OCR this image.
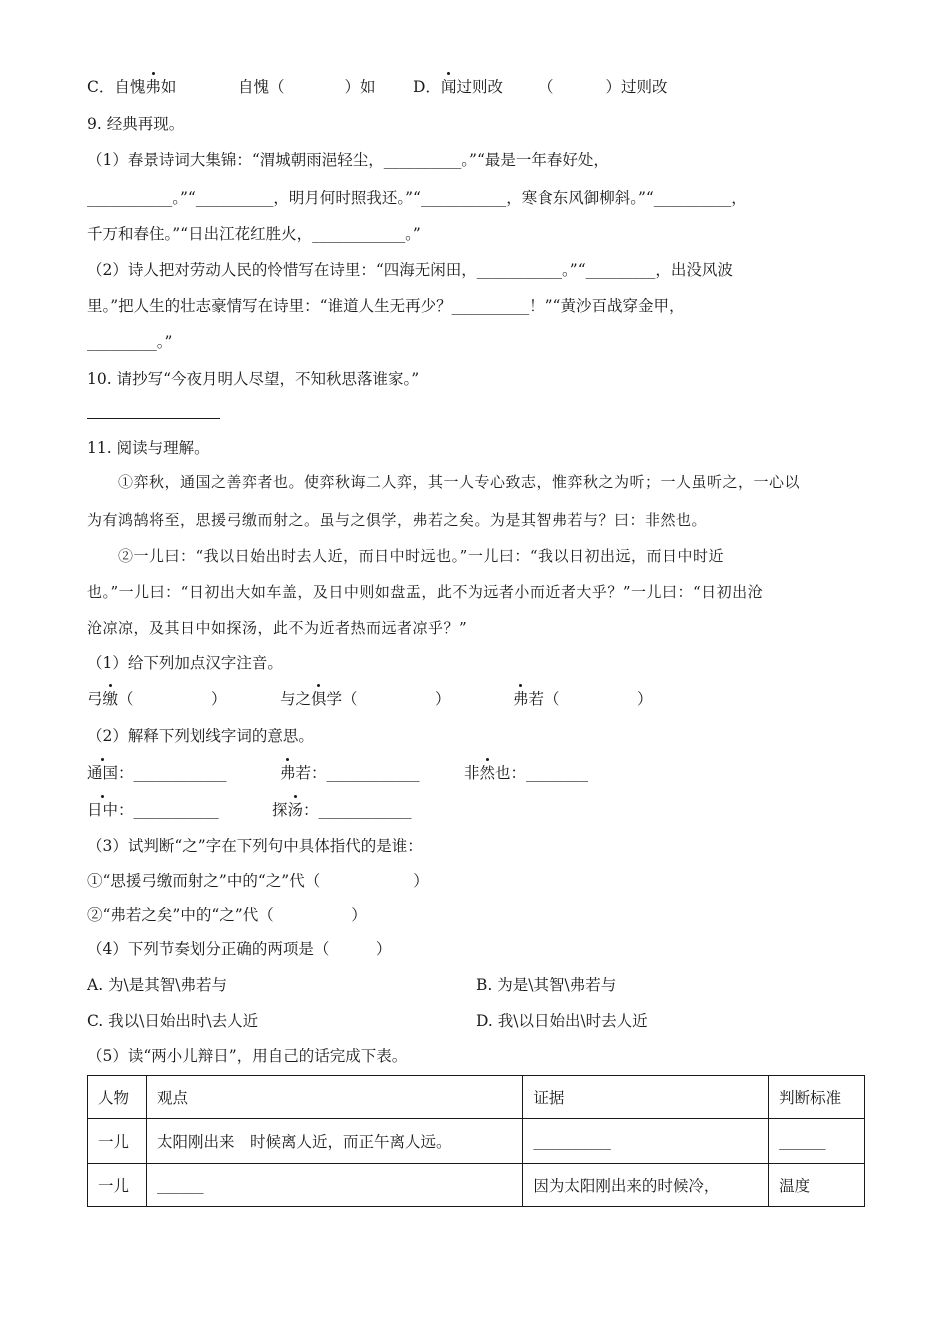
C．自愧弗如	自愧（	）如 D．闻过则改 （	）过则改
9. 经典再现。
（1）春景诗词大集锦：“渭城朝雨浥轻尘，__________。”“最是一年春好处，
___________。”“__________，明月何时照我还。”“___________，寒食东风御柳斜。”“__________，
千万和春住。”“日出江花红胜火，____________。”
（2）诗人把对劳动人民的怜惜写在诗里：“四海无闲田，___________。”“_________，出没风波
里。”把人生的壮志豪情写在诗里：“谁道人生无再少？__________！”“黄沙百战穿金甲，
_________。”
10. 请抄写“今夜月明人尽望，不知秋思落谁家。”
11. 阅读与理解。
①弈秋，通国之善弈者也。使弈秋诲二人弈，其一人专心致志，惟弈秋之为听；一人虽听之，一心以
为有鸿鹄将至，思援弓缴而射之。虽与之俱学，弗若之矣。为是其智弗若与？曰：非然也。
②一儿曰：“我以日始出时去人近，而日中时远也。”一儿曰：“我以日初出远，而日中时近
也。”一儿曰：“日初出大如车盖，及日中则如盘盂，此不为远者小而近者大乎？”一儿曰：“日初出沧
沧凉凉，及其日中如探汤，此不为近者热而远者凉乎？”
（1）给下列加点汉字注音。
弓缴（　　　　　）	与之俱学（　　　　　）	弗若（　　　　　）
（2）解释下列划线字词的意思。
通国：____________	弗若：____________	非然也：________
日中：___________	探汤：____________
（3）试判断“之”字在下列句中具体指代的是谁：
①“思援弓缴而射之”中的“之”代（　　　　　　）
②“弗若之矣”中的“之”代（　　　　　）
（4）下列节奏划分正确的两项是（　　　）
A. 为\是其智\弗若与	B. 为是\其智\弗若与
C. 我以\日始出时\去人近	D. 我\以日始出\时去人近
（5）读“两小儿辩日”，用自己的话完成下表。
人物	观点	证据	判断标准
一儿	太阳刚出来　时候离人近，而正午离人远。	__________	______
一儿	______	因为太阳刚出来的时候冷，	温度
